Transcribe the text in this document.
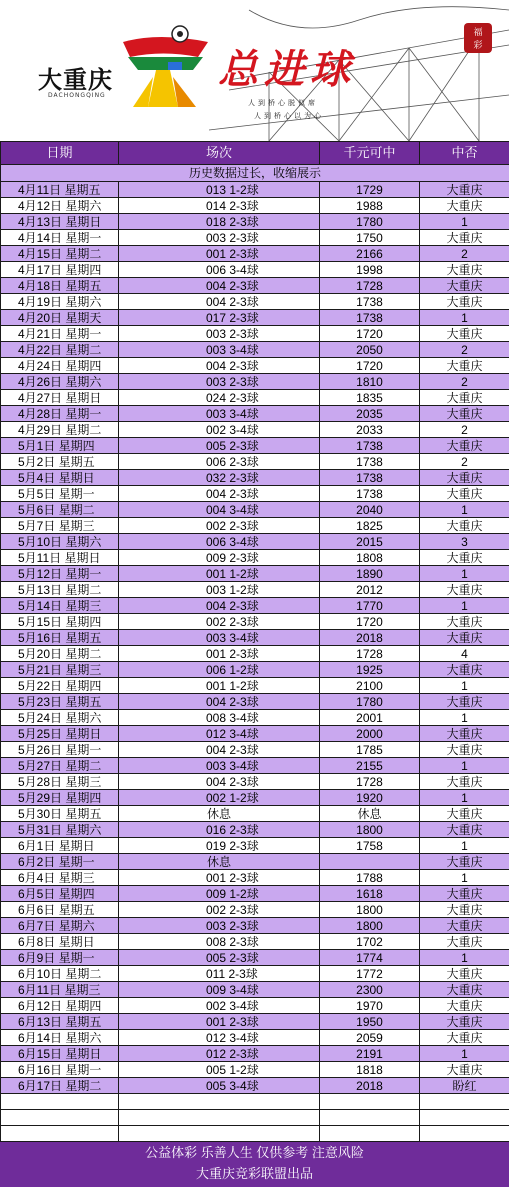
大重庆
DACHONGQING
总进球
人到桥心脱似席
人到桥心以为心
福
彩
日期	场次	千元可中	中否
历史数据过长，收缩展示			
4月11日 星期五	013 1-2球	1729	大重庆
4月12日 星期六	014 2-3球	1988	大重庆
4月13日 星期日	018 2-3球	1780	1
4月14日 星期一	003 2-3球	1750	大重庆
4月15日 星期二	001 2-3球	2166	2
4月17日 星期四	006 3-4球	1998	大重庆
4月18日 星期五	004 2-3球	1728	大重庆
4月19日 星期六	004 2-3球	1738	大重庆
4月20日 星期天	017 2-3球	1738	1
4月21日 星期一	003 2-3球	1720	大重庆
4月22日 星期二	003 3-4球	2050	2
4月24日 星期四	004 2-3球	1720	大重庆
4月26日 星期六	003 2-3球	1810	2
4月27日 星期日	024 2-3球	1835	大重庆
4月28日 星期一	003 3-4球	2035	大重庆
4月29日 星期二	002 3-4球	2033	2
5月1日 星期四	005 2-3球	1738	大重庆
5月2日 星期五	006 2-3球	1738	2
5月4日 星期日	032 2-3球	1738	大重庆
5月5日 星期一	004 2-3球	1738	大重庆
5月6日 星期二	004 3-4球	2040	1
5月7日 星期三	002 2-3球	1825	大重庆
5月10日 星期六	006 3-4球	2015	3
5月11日 星期日	009 2-3球	1808	大重庆
5月12日 星期一	001 1-2球	1890	1
5月13日 星期二	003 1-2球	2012	大重庆
5月14日 星期三	004 2-3球	1770	1
5月15日 星期四	002 2-3球	1720	大重庆
5月16日 星期五	003 3-4球	2018	大重庆
5月20日 星期二	001 2-3球	1728	4
5月21日 星期三	006 1-2球	1925	大重庆
5月22日 星期四	001 1-2球	2100	1
5月23日 星期五	004 2-3球	1780	大重庆
5月24日 星期六	008 3-4球	2001	1
5月25日 星期日	012 3-4球	2000	大重庆
5月26日 星期一	004 2-3球	1785	大重庆
5月27日 星期二	003 3-4球	2155	1
5月28日 星期三	004 2-3球	1728	大重庆
5月29日 星期四	002 1-2球	1920	1
5月30日 星期五	休息	休息	大重庆
5月31日 星期六	016 2-3球	1800	大重庆
6月1日 星期日	019 2-3球	1758	1
6月2日 星期一	休息		大重庆
6月4日 星期三	001 2-3球	1788	1
6月5日 星期四	009 1-2球	1618	大重庆
6月6日 星期五	002 2-3球	1800	大重庆
6月7日 星期六	003 2-3球	1800	大重庆
6月8日 星期日	008 2-3球	1702	大重庆
6月9日 星期一	005 2-3球	1774	1
6月10日 星期二	011 2-3球	1772	大重庆
6月11日 星期三	009 3-4球	2300	大重庆
6月12日 星期四	002 3-4球	1970	大重庆
6月13日 星期五	001 2-3球	1950	大重庆
6月14日 星期六	012 3-4球	2059	大重庆
6月15日 星期日	012 2-3球	2191	1
6月16日 星期一	005 1-2球	1818	大重庆
6月17日 星期二	005 3-4球	2018	盼红

公益体彩 乐善人生 仅供参考 注意风险
大重庆竞彩联盟出品
